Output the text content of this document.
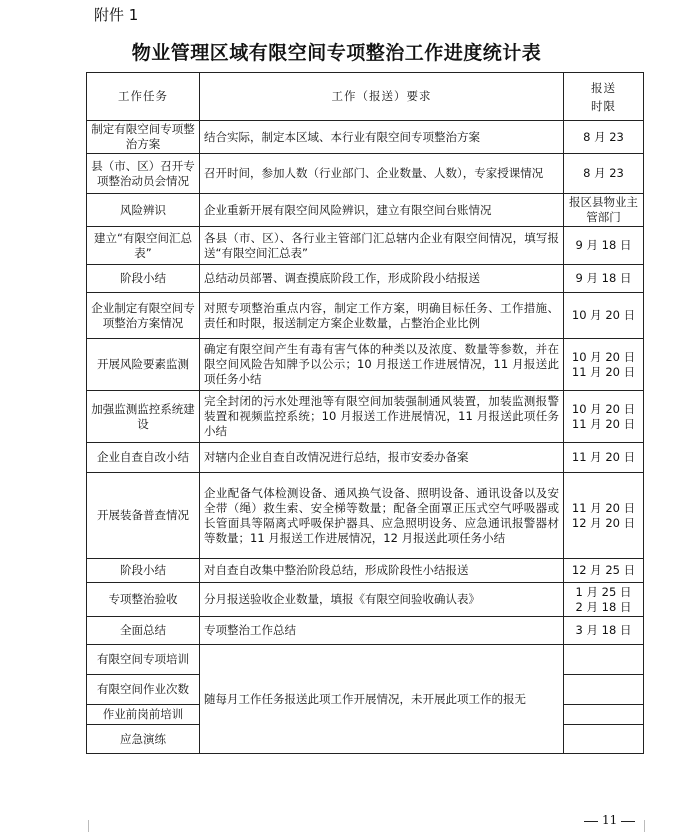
附件 1
物业管理区域有限空间专项整治工作进度统计表
工作任务	工作（报送）要求	报送
时限
制定有限空间专项整治方案	结合实际，制定本区域、本行业有限空间专项整治方案	8 月 23
县（市、区）召开专项整治动员会情况	召开时间，参加人数（行业部门、企业数量、人数），专家授课情况	8 月 23
风险辨识	企业重新开展有限空间风险辨识，建立有限空间台账情况	报区县物业主管部门
建立“有限空间汇总表”	各县（市、区）、各行业主管部门汇总辖内企业有限空间情况，填写报送“有限空间汇总表”	9 月 18 日
阶段小结	总结动员部署、调查摸底阶段工作，形成阶段小结报送	9 月 18 日
企业制定有限空间专项整治方案情况	对照专项整治重点内容，制定工作方案，明确目标任务、工作措施、责任和时限，报送制定方案企业数量，占整治企业比例	10 月 20 日
开展风险要素监测	确定有限空间产生有毒有害气体的种类以及浓度、数量等参数，并在限空间风险告知牌予以公示；10 月报送工作进展情况，11 月报送此项任务小结	10 月 20 日
11 月 20 日
加强监测监控系统建设	完全封闭的污水处理池等有限空间加装强制通风装置，加装监测报警装置和视频监控系统；10 月报送工作进展情况，11 月报送此项任务小结	10 月 20 日
11 月 20 日
企业自查自改小结	对辖内企业自查自改情况进行总结，报市安委办备案	11 月 20 日
开展装备普查情况	企业配备气体检测设备、通风换气设备、照明设备、通讯设备以及安全带（绳）救生索、安全梯等数量；配备全面罩正压式空气呼吸器或长管面具等隔离式呼吸保护器具、应急照明设务、应急通讯报警器材等数量；11 月报送工作进展情况，12 月报送此项任务小结	11 月 20 日
12 月 20 日
阶段小结	对自查自改集中整治阶段总结，形成阶段性小结报送	12 月 25 日
专项整治验收	分月报送验收企业数量，填报《有限空间验收确认表》	1 月 25 日
2 月 18 日
全面总结	专项整治工作总结	3 月 18 日
有限空间专项培训	随每月工作任务报送此项工作开展情况，未开展此项工作的报无	
有限空间作业次数		
作业前岗前培训		
应急演练		
11
